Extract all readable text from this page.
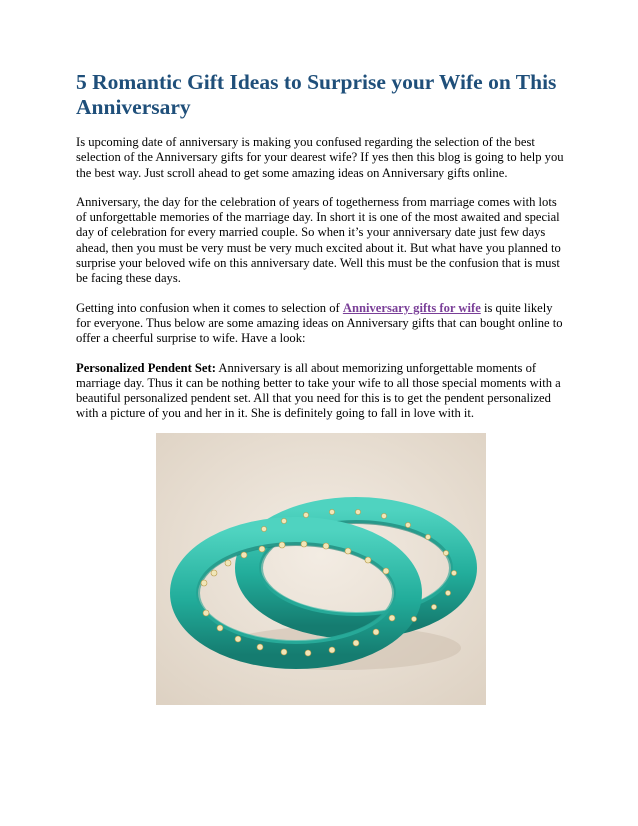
5 Romantic Gift Ideas to Surprise your Wife on This Anniversary

Is upcoming date of anniversary is making you confused regarding the selection of the best selection of the Anniversary gifts for your dearest wife? If yes then this blog is going to help you the best way. Just scroll ahead to get some amazing ideas on Anniversary gifts online.

Anniversary, the day for the celebration of years of togetherness from marriage comes with lots of unforgettable memories of the marriage day. In short it is one of the most awaited and special day of celebration for every married couple. So when it’s your anniversary date just few days ahead, then you must be very must be very much excited about it. But what have you planned to surprise your beloved wife on this anniversary date. Well this must be the confusion that is must be facing these days.

Getting into confusion when it comes to selection of Anniversary gifts for wife is quite likely for everyone. Thus below are some amazing ideas on Anniversary gifts that can bought online to offer a cheerful surprise to wife. Have a look:

Personalized Pendent Set: Anniversary is all about memorizing unforgettable moments of marriage day. Thus it can be nothing better to take your wife to all those special moments with a beautiful personalized pendent set. All that you need for this is to get the pendent personalized with a picture of you and her in it. She is definitely going to fall in love with it.
